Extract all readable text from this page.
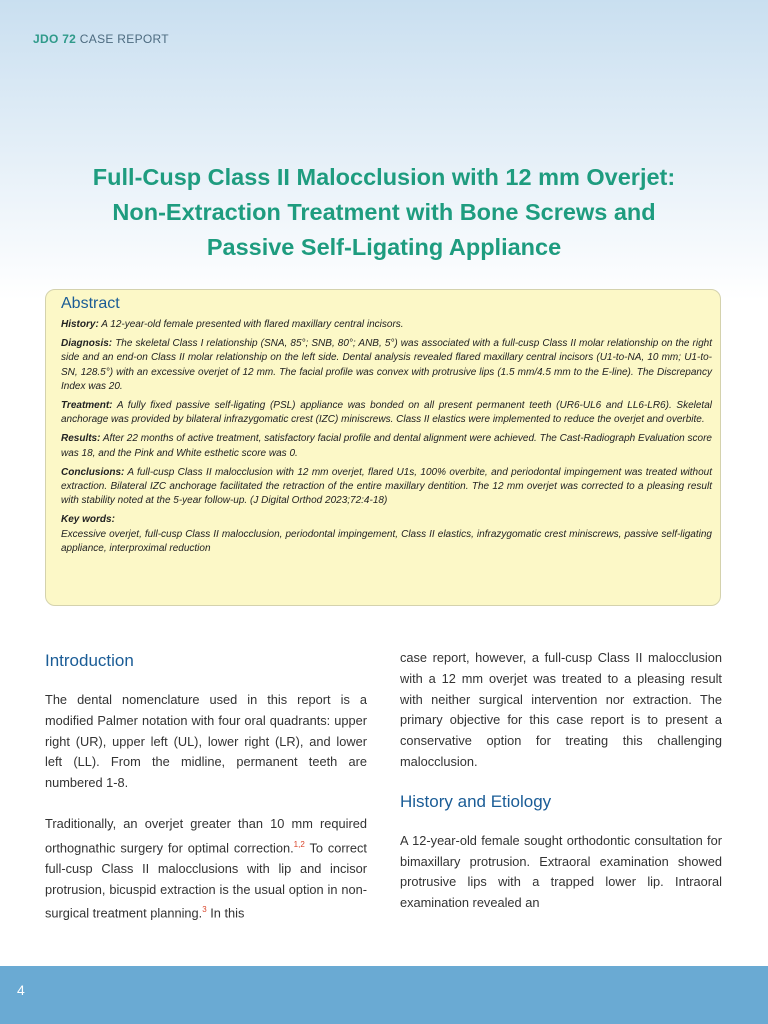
JDO 72 CASE REPORT
Full-Cusp Class II Malocclusion with 12 mm Overjet:
Non-Extraction Treatment with Bone Screws and
Passive Self-Ligating Appliance
Abstract

History: A 12-year-old female presented with flared maxillary central incisors.

Diagnosis: The skeletal Class I relationship (SNA, 85°; SNB, 80°; ANB, 5°) was associated with a full-cusp Class II molar relationship on the right side and an end-on Class II molar relationship on the left side. Dental analysis revealed flared maxillary central incisors (U1-to-NA, 10 mm; U1-to-SN, 128.5°) with an excessive overjet of 12 mm. The facial profile was convex with protrusive lips (1.5 mm/4.5 mm to the E-line). The Discrepancy Index was 20.

Treatment: A fully fixed passive self-ligating (PSL) appliance was bonded on all present permanent teeth (UR6-UL6 and LL6-LR6). Skeletal anchorage was provided by bilateral infrazygomatic crest (IZC) miniscrews. Class II elastics were implemented to reduce the overjet and overbite.

Results: After 22 months of active treatment, satisfactory facial profile and dental alignment were achieved. The Cast-Radiograph Evaluation score was 18, and the Pink and White esthetic score was 0.

Conclusions: A full-cusp Class II malocclusion with 12 mm overjet, flared U1s, 100% overbite, and periodontal impingement was treated without extraction. Bilateral IZC anchorage facilitated the retraction of the entire maxillary dentition. The 12 mm overjet was corrected to a pleasing result with stability noted at the 5-year follow-up. (J Digital Orthod 2023;72:4-18)

Key words:

Excessive overjet, full-cusp Class II malocclusion, periodontal impingement, Class II elastics, infrazygomatic crest miniscrews, passive self-ligating appliance, interproximal reduction

Introduction

The dental nomenclature used in this report is a modified Palmer notation with four oral quadrants: upper right (UR), upper left (UL), lower right (LR), and lower left (LL). From the midline, permanent teeth are numbered 1-8.

Traditionally, an overjet greater than 10 mm required orthognathic surgery for optimal correction.$^{1,2}$ To correct full-cusp Class II malocclusions with lip and incisor protrusion, bicuspid extraction is the usual option in non-surgical treatment planning.$^3$ In this

case report, however, a full-cusp Class II malocclusion with a 12 mm overjet was treated to a pleasing result with neither surgical intervention nor extraction. The primary objective for this case report is to present a conservative option for treating this challenging malocclusion.

History and Etiology

A 12-year-old female sought orthodontic consultation for bimaxillary protrusion. Extraoral examination showed protrusive lips with a trapped lower lip. Intraoral examination revealed an

4
